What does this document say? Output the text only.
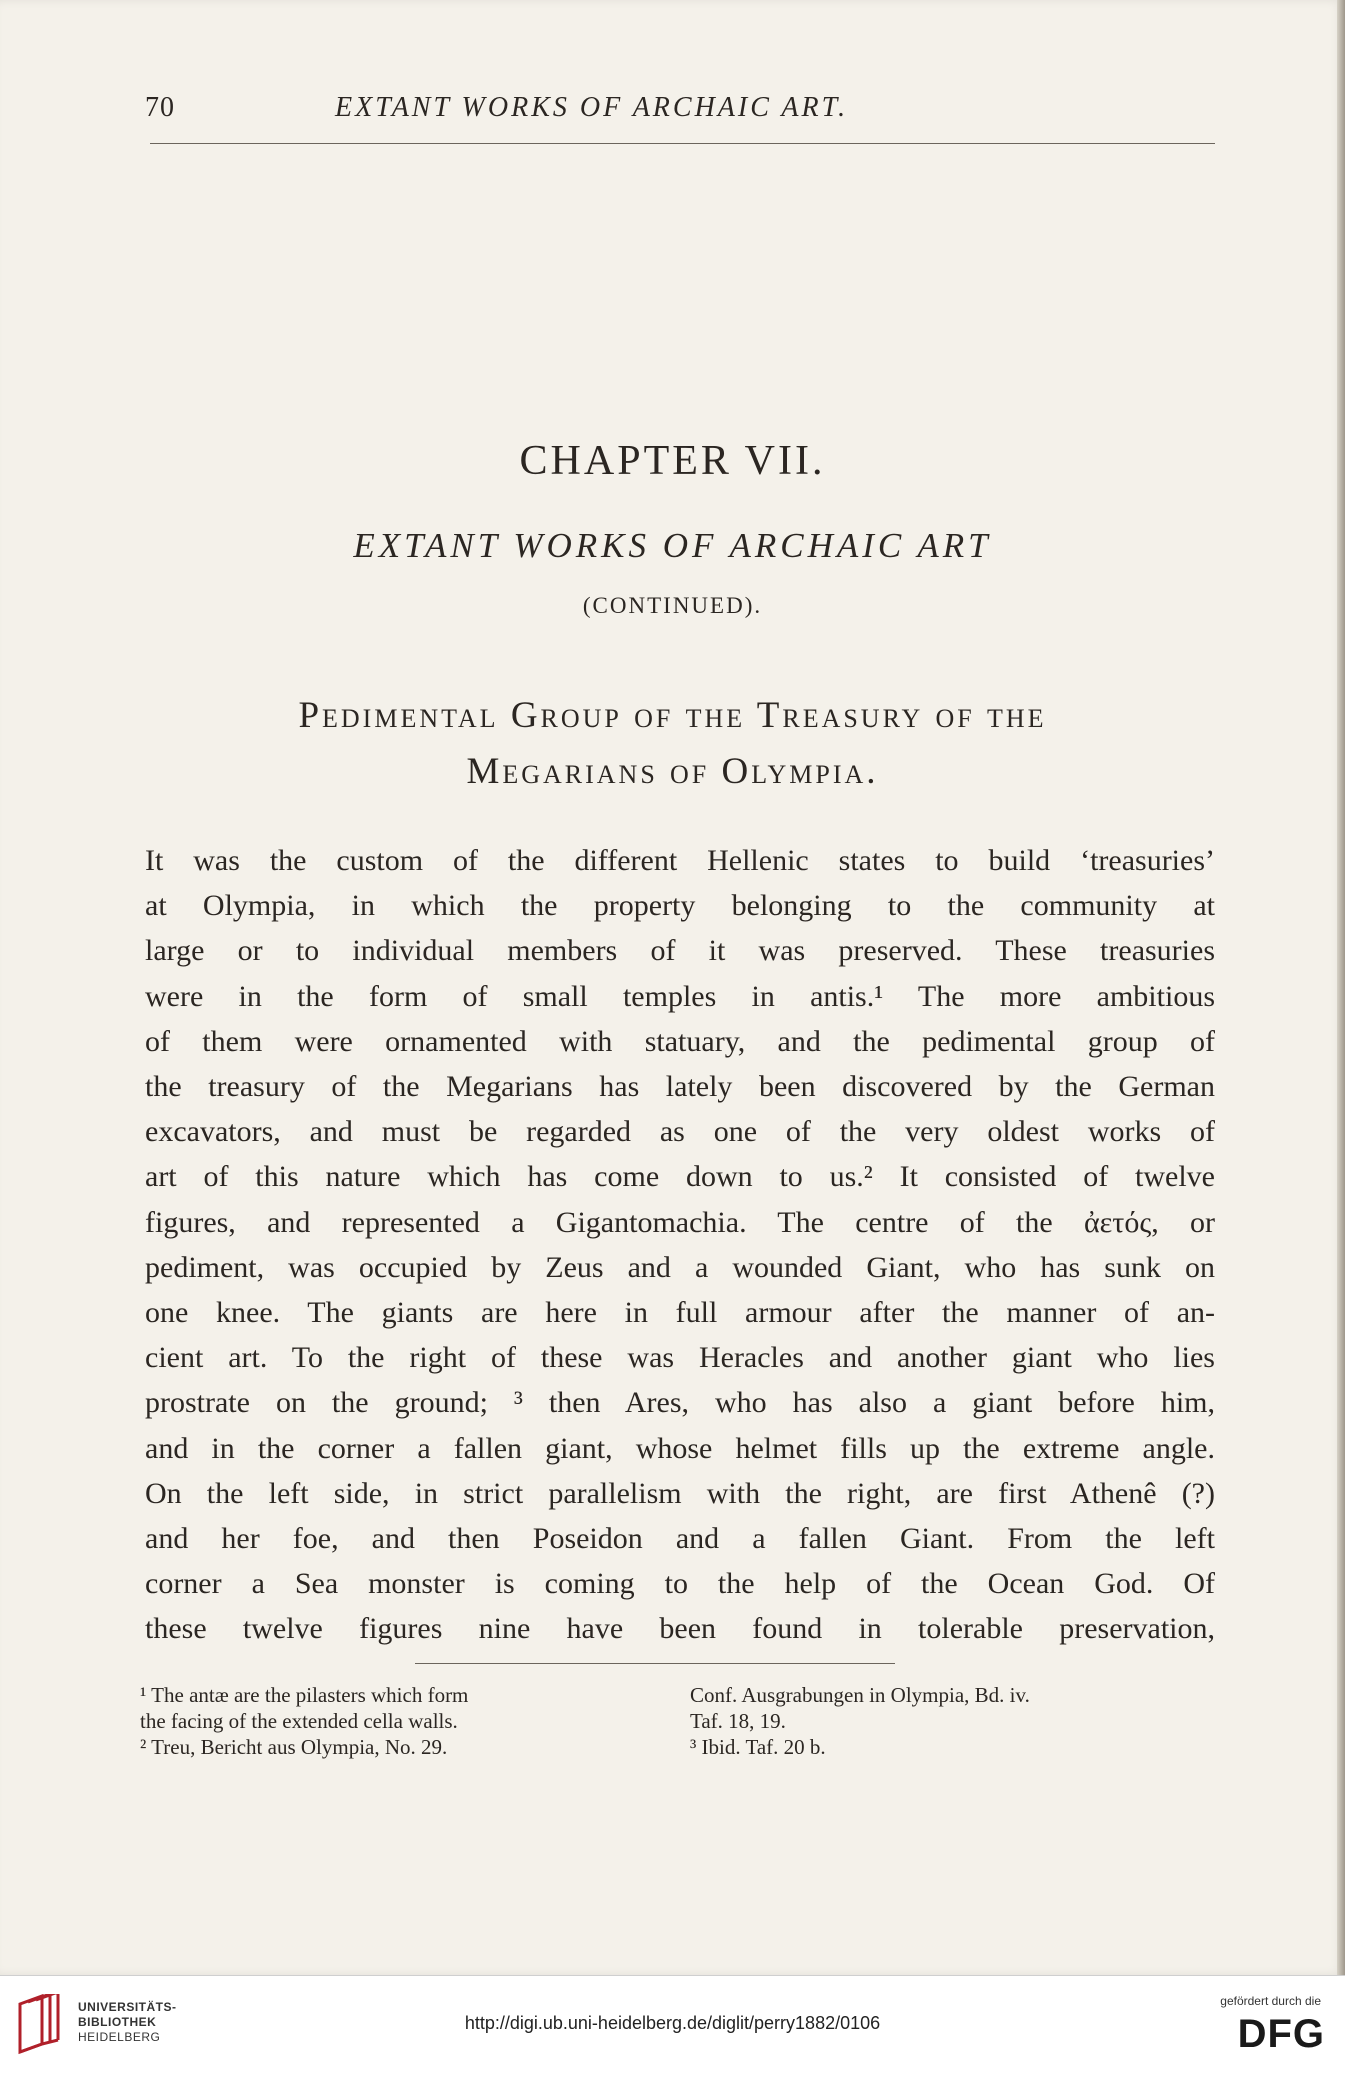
70	EXTANT WORKS OF ARCHAIC ART.
CHAPTER VII.
EXTANT WORKS OF ARCHAIC ART
(CONTINUED).
Pedimental Group of the Treasury of the
Megarians of Olympia.
It was the custom of the different Hellenic states to build ‘treasuries’
at Olympia, in which the property belonging to the community at
large or to individual members of it was preserved. These treasuries
were in the form of small temples in antis.¹ The more ambitious
of them were ornamented with statuary, and the pedimental group of
the treasury of the Megarians has lately been discovered by the German
excavators, and must be regarded as one of the very oldest works of
art of this nature which has come down to us.² It consisted of twelve
figures, and represented a Gigantomachia. The centre of the ἀετός, or
pediment, was occupied by Zeus and a wounded Giant, who has sunk on
one knee. The giants are here in full armour after the manner of an-
cient art. To the right of these was Heracles and another giant who lies
prostrate on the ground; ³ then Ares, who has also a giant before him,
and in the corner a fallen giant, whose helmet fills up the extreme angle.
On the left side, in strict parallelism with the right, are first Athenê (?)
and her foe, and then Poseidon and a fallen Giant. From the left
corner a Sea monster is coming to the help of the Ocean God. Of
these twelve figures nine have been found in tolerable preservation,
¹ The antæ are the pilasters which form
the facing of the extended cella walls.
² Treu, Bericht aus Olympia, No. 29.
Conf. Ausgrabungen in Olympia, Bd. iv.
Taf. 18, 19.
³ Ibid. Taf. 20 b.
UNIVERSITÄTS-
BIBLIOTHEK
HEIDELBERG
http://digi.ub.uni-heidelberg.de/diglit/perry1882/0106
gefördert durch die
DFG
